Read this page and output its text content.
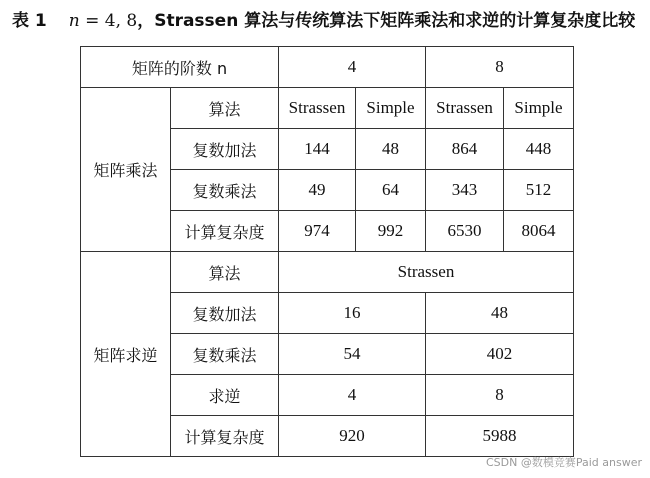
表 1 n = 4, 8，Strassen 算法与传统算法下矩阵乘法和求逆的计算复杂度比较
矩阵的阶数 n		4		8	
矩阵乘法	算法	Strassen	Simple	Strassen	Simple
	复数加法	144	48	864	448
	复数乘法	49	64	343	512
	计算复杂度	974	992	6530	8064
矩阵求逆	算法	Strassen			
	复数加法	16		48	
	复数乘法	54		402	
	求逆	4		8	
	计算复杂度	920		5988	
CSDN @数模竞赛Paid answer
